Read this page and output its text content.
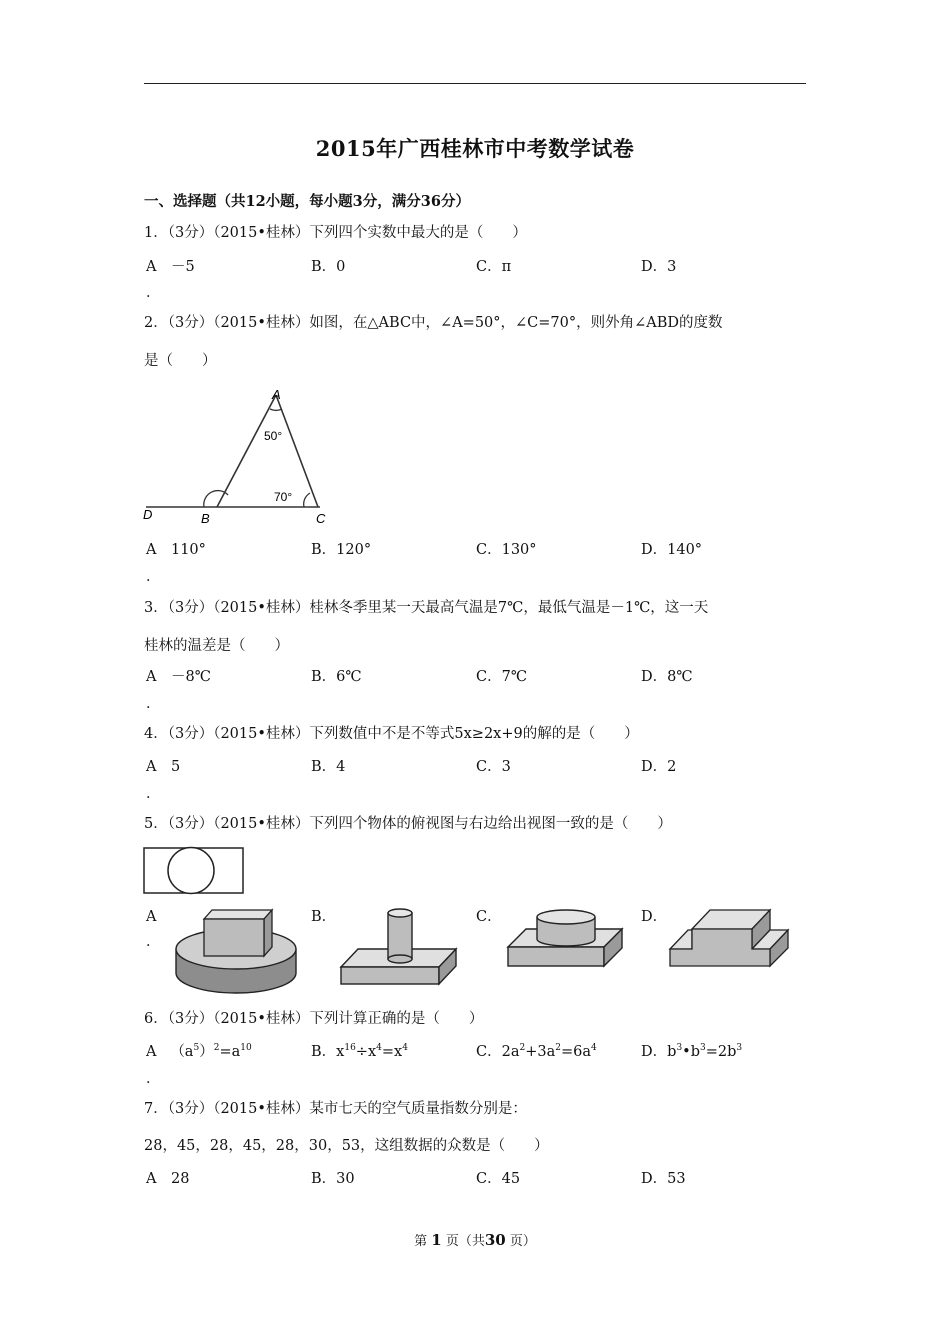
2015年广西桂林市中考数学试卷
一、选择题（共12小题，每小题3分，满分36分）
1．（3分）（2015•桂林）下列四个实数中最大的是（　　）
A　－5	B．0	C．π	D．3
．
2．（3分）（2015•桂林）如图，在△ABC中，∠A=50°，∠C=70°，则外角∠ABD的度数
是（　　）
A
B	C
D
50°
70°
A　110°	B．120°	C．130°	D．140°
．
3．（3分）（2015•桂林）桂林冬季里某一天最高气温是7℃，最低气温是－1℃，这一天
桂林的温差是（　　）
A　－8℃	B．6℃	C．7℃	D．8℃
．
4．（3分）（2015•桂林）下列数值中不是不等式5x≥2x+9的解的是（　　）
A　5	B．4	C．3	D．2
．
5．（3分）（2015•桂林）下列四个物体的俯视图与右边给出视图一致的是（　　）
A
．
B．	C．	D．
6．（3分）（2015•桂林）下列计算正确的是（　　）
A $(a^5)^2=a^{10}$	B．$x^{16}\div x^4=x^4$	C．$2a^2+3a^2=6a^4$	D．$b^3•b^3=2b^3$
．
7．（3分）（2015•桂林）某市七天的空气质量指数分别是：
28，45，28，45，28，30，53，这组数据的众数是（　　）
A　28	B．30	C．45	D．53
第 1 页（共30 页）
